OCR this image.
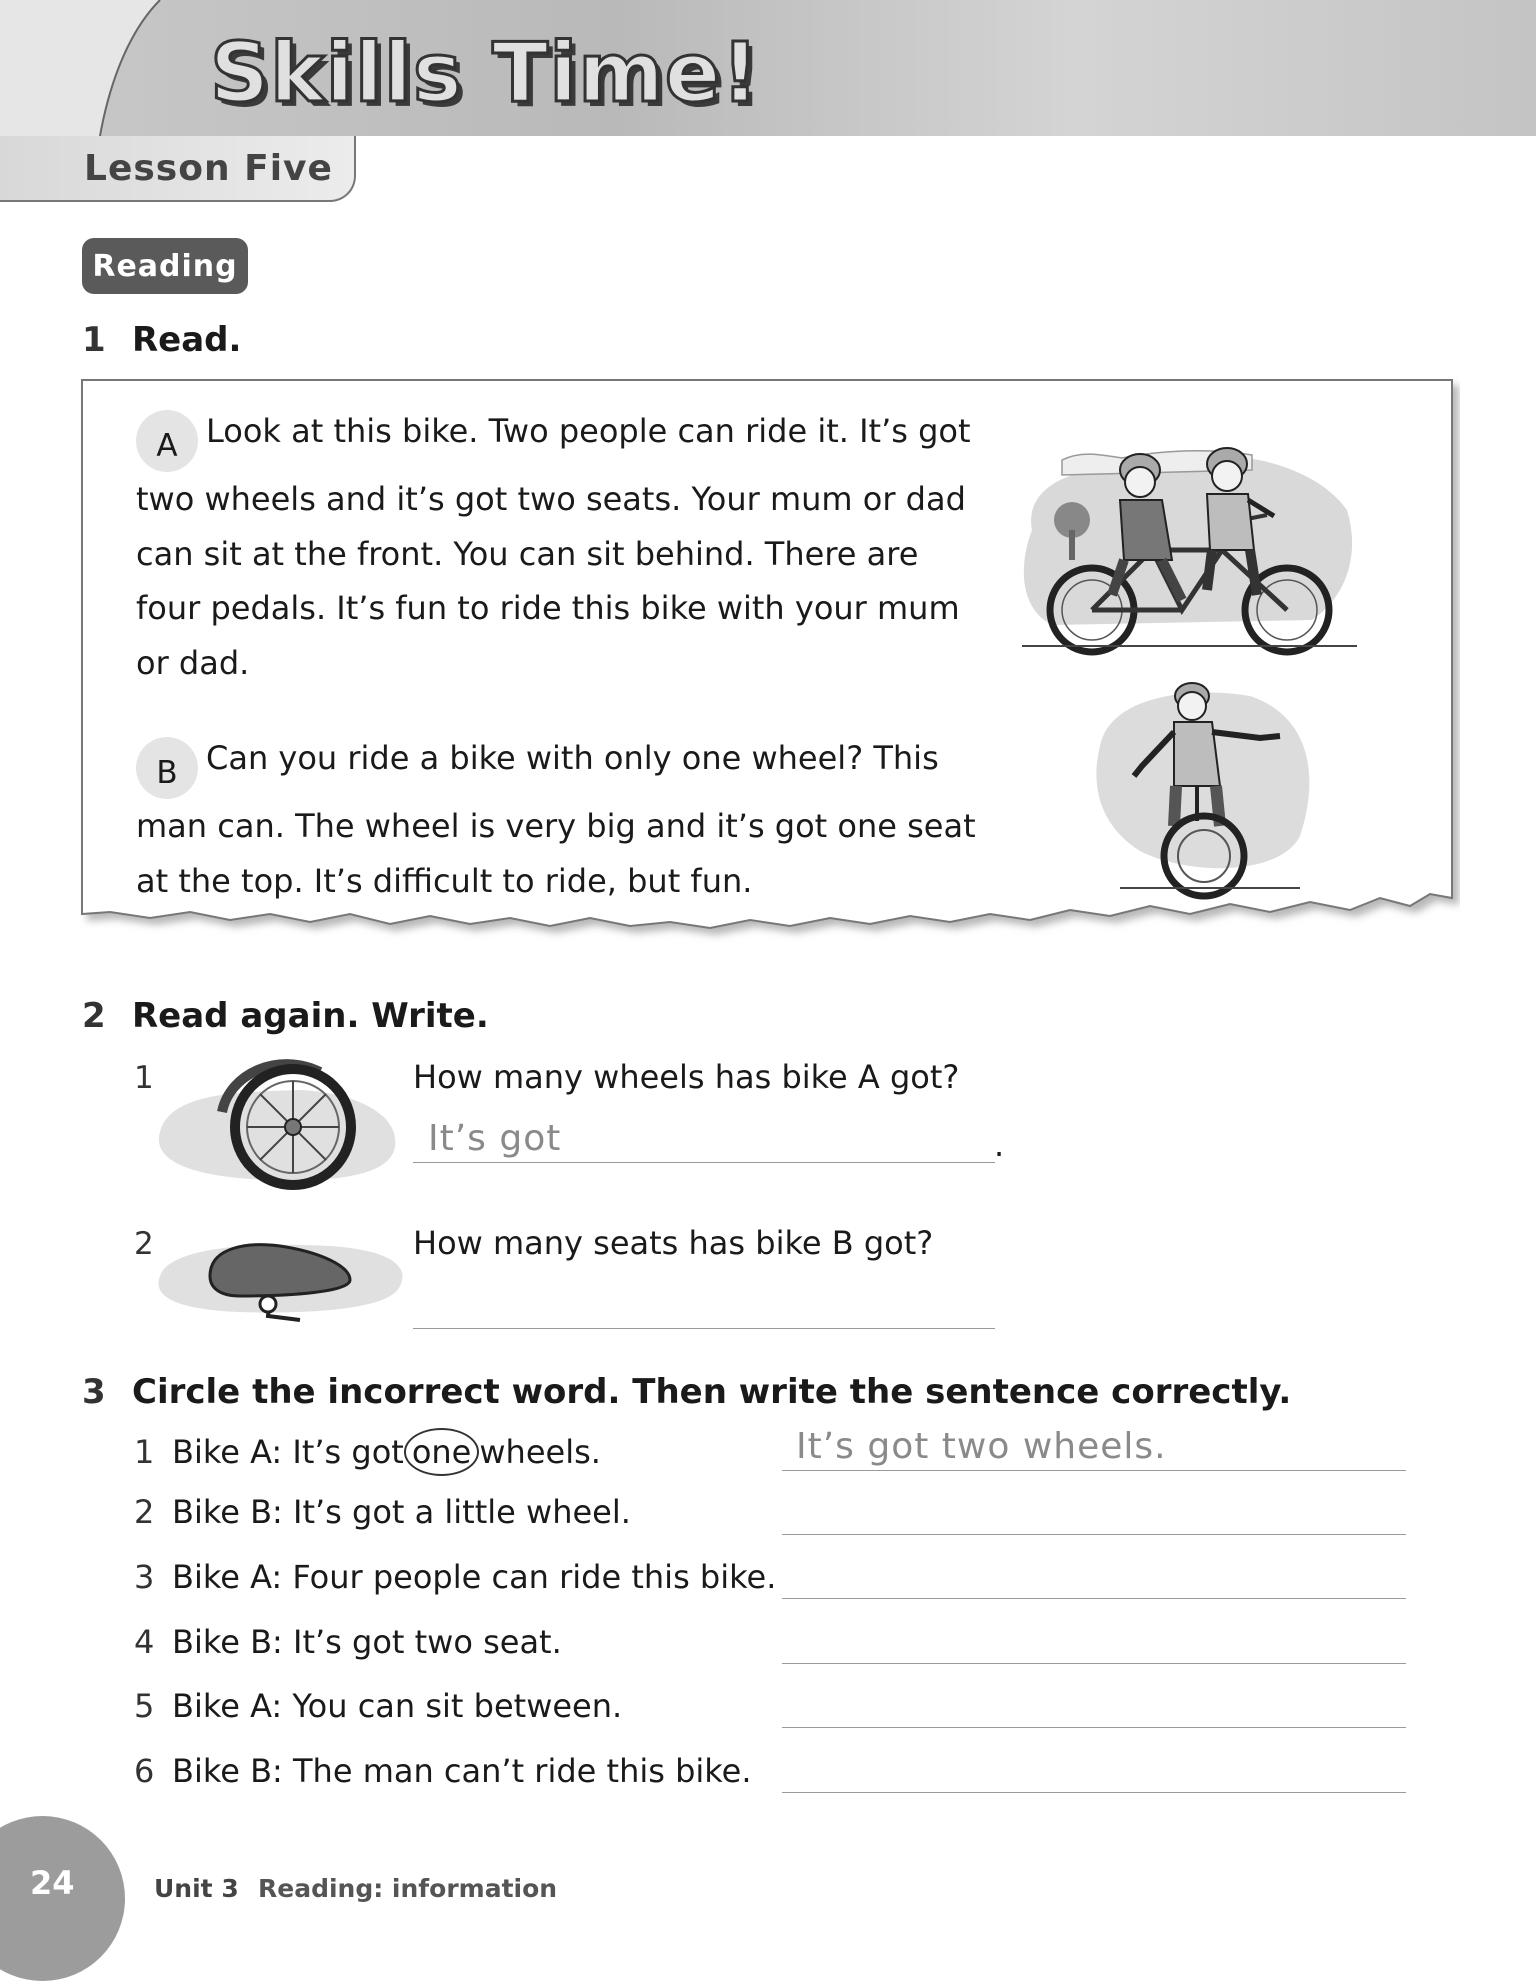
Skills Time!
Lesson Five
Reading
1 Read.
A Look at this bike. Two people can ride it. It’s got
two wheels and it’s got two seats. Your mum or dad
can sit at the front. You can sit behind. There are
four pedals. It’s fun to ride this bike with your mum
or dad.
B Can you ride a bike with only one wheel? This
man can. The wheel is very big and it’s got one seat
at the top. It’s difficult to ride, but fun.
2 Read again. Write.
1	How many wheels has bike A got?
It’s got	.
2	How many seats has bike B got?
3 Circle the incorrect word. Then write the sentence correctly.
1 Bike A: It’s got one wheels.	It’s got two wheels.
2 Bike B: It’s got a little wheel.
3 Bike A: Four people can ride this bike.
4 Bike B: It’s got two seat.
5 Bike A: You can sit between.
6 Bike B: The man can’t ride this bike.
24	Unit 3 Reading: information
